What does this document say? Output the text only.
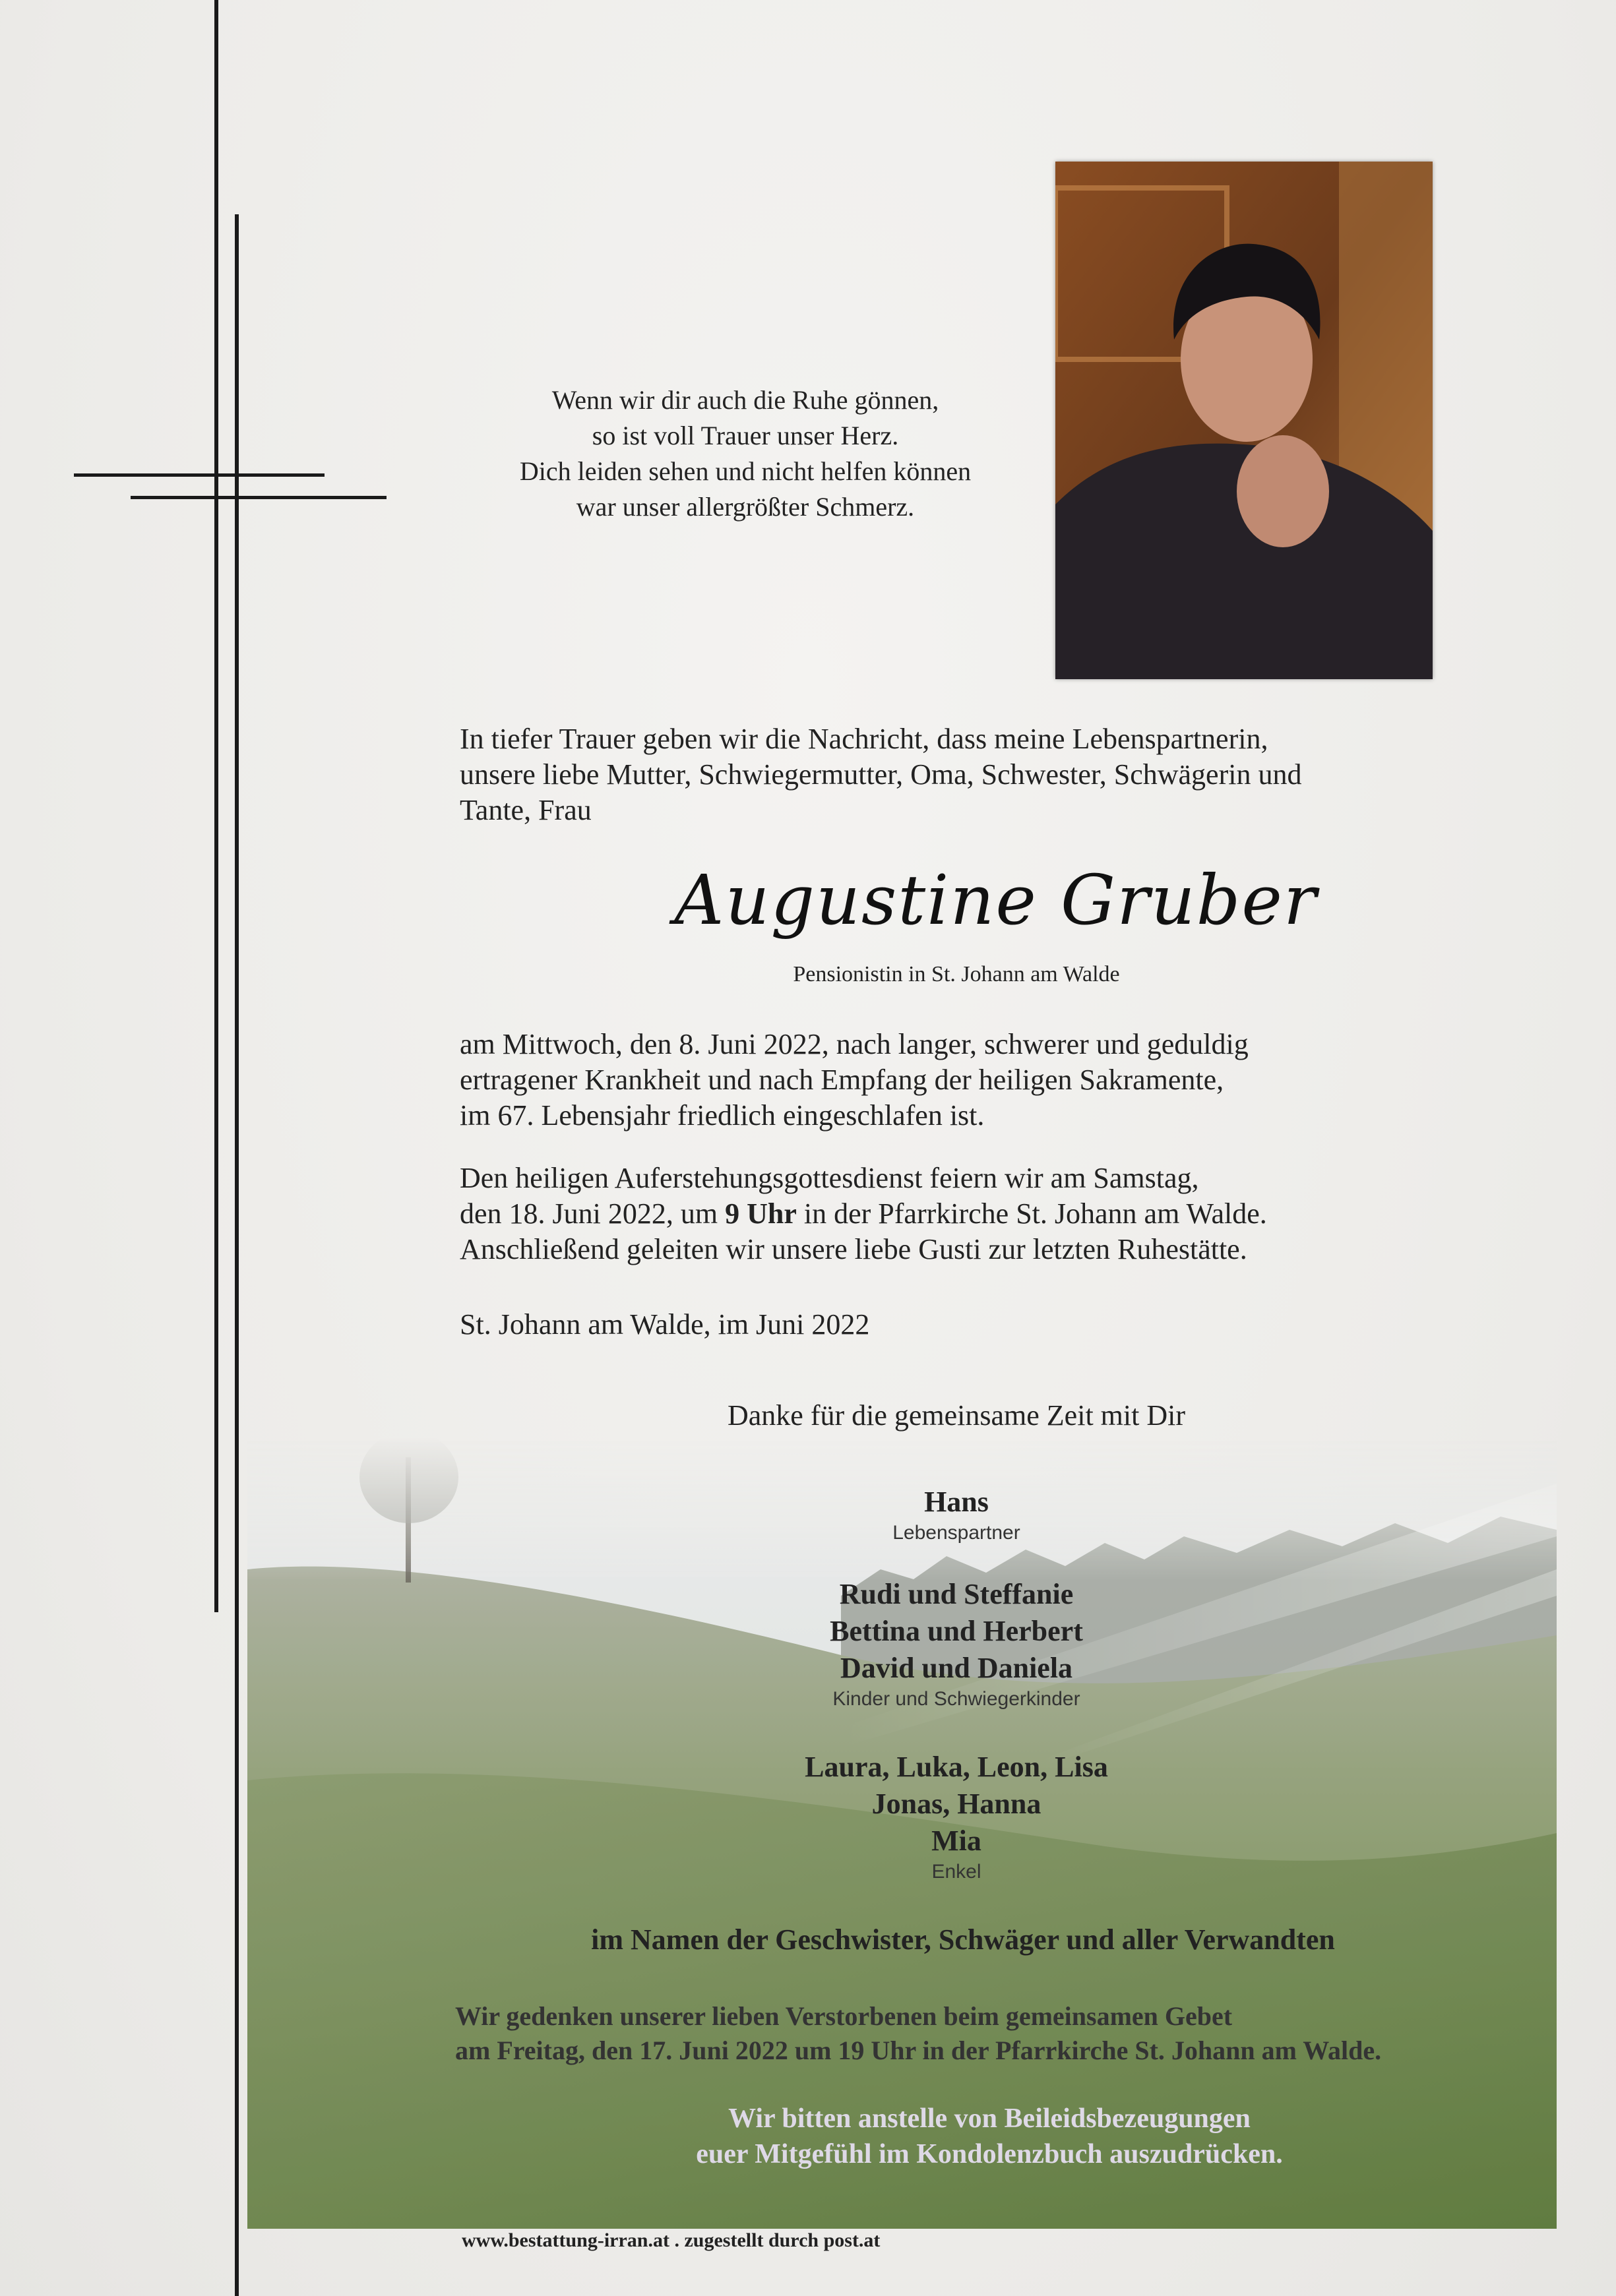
Wenn wir dir auch die Ruhe gönnen,
so ist voll Trauer unser Herz.
Dich leiden sehen und nicht helfen können
war unser allergrößter Schmerz.
In tiefer Trauer geben wir die Nachricht, dass meine Lebenspartnerin,
unsere liebe Mutter, Schwiegermutter, Oma, Schwester, Schwägerin und
Tante, Frau
Augustine Gruber
Pensionistin in St. Johann am Walde
am Mittwoch, den 8. Juni 2022, nach langer, schwerer und geduldig
ertragener Krankheit und nach Empfang der heiligen Sakramente,
im 67. Lebensjahr friedlich eingeschlafen ist.
Den heiligen Auferstehungsgottesdienst feiern wir am Samstag,
den 18. Juni 2022, um 9 Uhr in der Pfarrkirche St. Johann am Walde.
Anschließend geleiten wir unsere liebe Gusti zur letzten Ruhestätte.
St. Johann am Walde, im Juni 2022
Danke für die gemeinsame Zeit mit Dir
Hans
Lebenspartner
Rudi und Steffanie
Bettina und Herbert
David und Daniela
Kinder und Schwiegerkinder
Laura, Luka, Leon, Lisa
Jonas, Hanna
Mia
Enkel
im Namen der Geschwister, Schwäger und aller Verwandten
Wir gedenken unserer lieben Verstorbenen beim gemeinsamen Gebet
am Freitag, den 17. Juni 2022 um 19 Uhr in der Pfarrkirche St. Johann am Walde.
Wir bitten anstelle von Beileidsbezeugungen
euer Mitgefühl im Kondolenzbuch auszudrücken.
www.bestattung-irran.at . zugestellt durch post.at
